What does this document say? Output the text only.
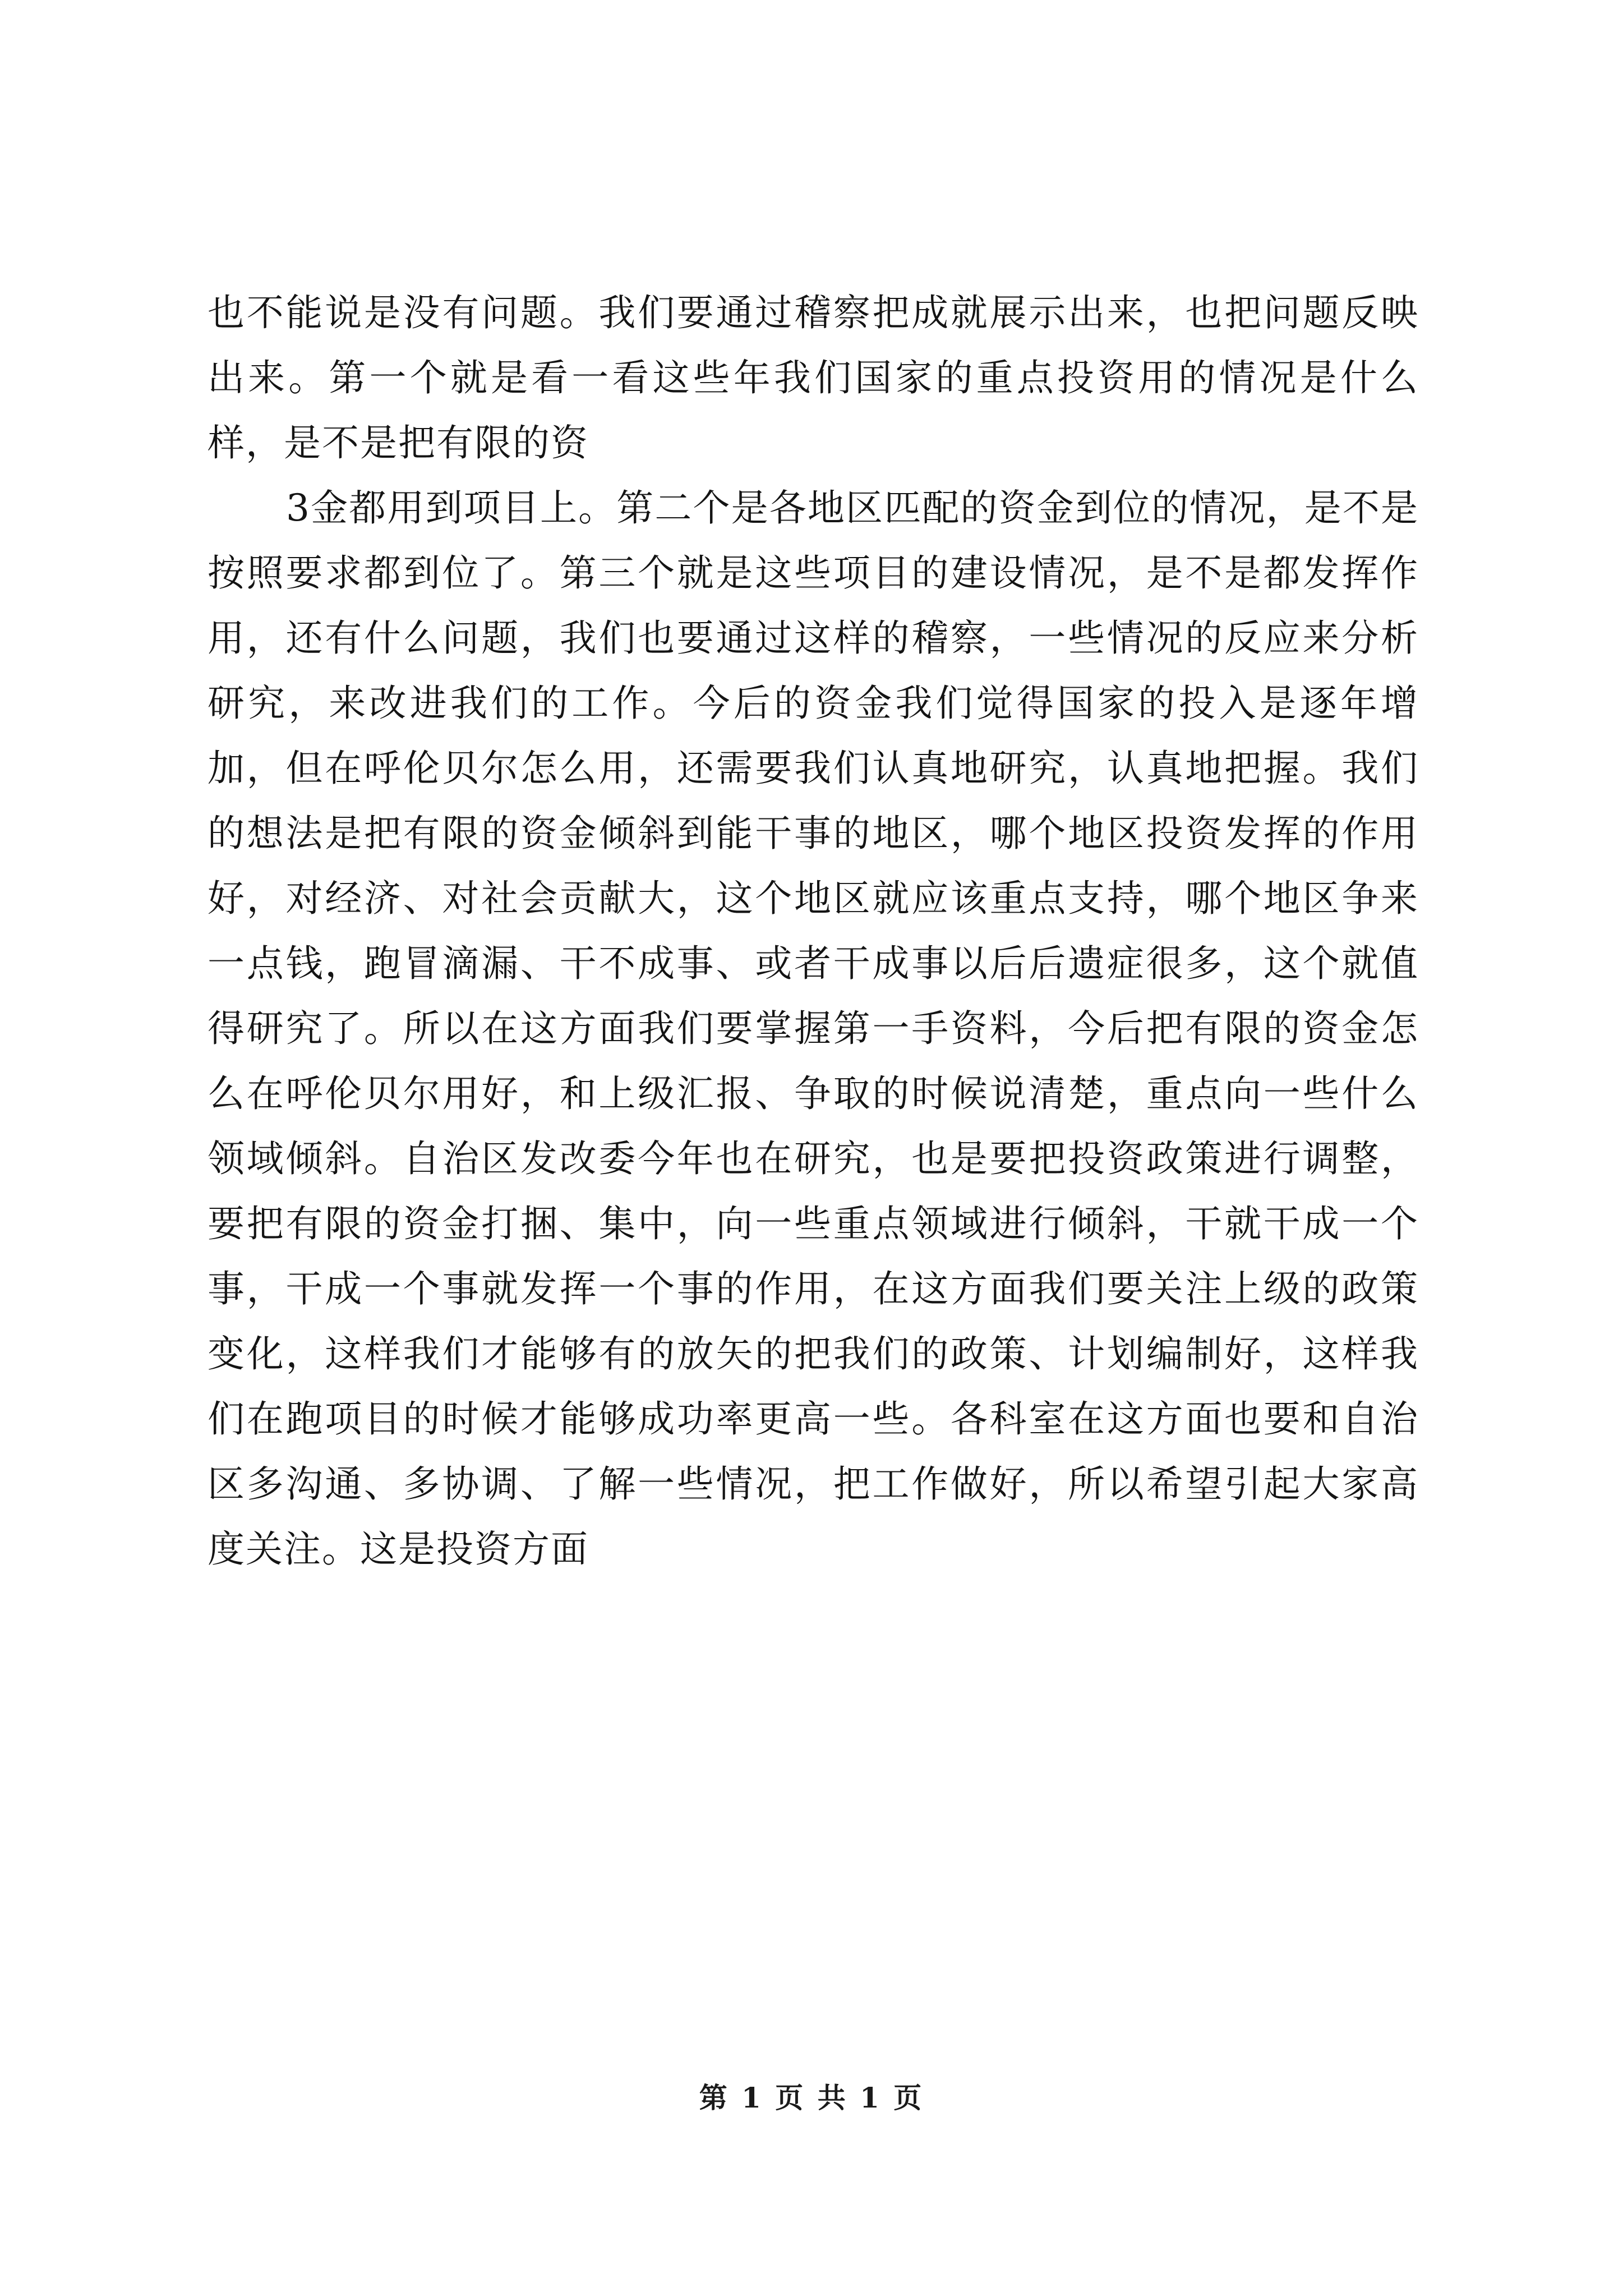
也不能说是没有问题。我们要通过稽察把成就展示出来，也把问题反映出来。第一个就是看一看这些年我们国家的重点投资用的情况是什么样，是不是把有限的资

3金都用到项目上。第二个是各地区匹配的资金到位的情况，是不是按照要求都到位了。第三个就是这些项目的建设情况，是不是都发挥作用，还有什么问题，我们也要通过这样的稽察，一些情况的反应来分析研究，来改进我们的工作。今后的资金我们觉得国家的投入是逐年增加，但在呼伦贝尔怎么用，还需要我们认真地研究，认真地把握。我们的想法是把有限的资金倾斜到能干事的地区，哪个地区投资发挥的作用好，对经济、对社会贡献大，这个地区就应该重点支持，哪个地区争来一点钱，跑冒滴漏、干不成事、或者干成事以后后遗症很多，这个就值得研究了。所以在这方面我们要掌握第一手资料，今后把有限的资金怎么在呼伦贝尔用好，和上级汇报、争取的时候说清楚，重点向一些什么领域倾斜。自治区发改委今年也在研究，也是要把投资政策进行调整，要把有限的资金打捆、集中，向一些重点领域进行倾斜，干就干成一个事，干成一个事就发挥一个事的作用，在这方面我们要关注上级的政策变化，这样我们才能够有的放矢的把我们的政策、计划编制好，这样我们在跑项目的时候才能够成功率更高一些。各科室在这方面也要和自治区多沟通、多协调、了解一些情况，把工作做好，所以希望引起大家高度关注。这是投资方面

第 1 页 共 1 页
